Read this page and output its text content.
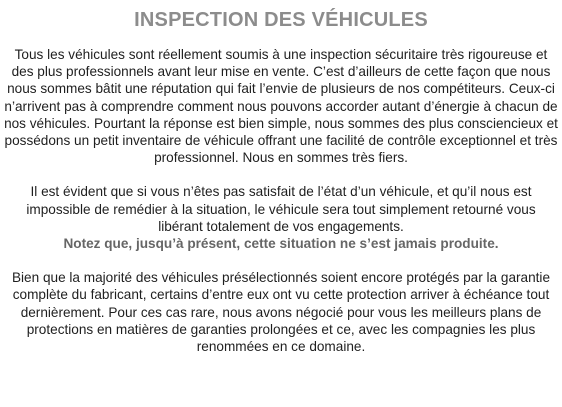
INSPECTION DES VÉHICULES

Tous les véhicules sont réellement soumis à une inspection sécuritaire très rigoureuse et des plus professionnels avant leur mise en vente. C’est d’ailleurs de cette façon que nous nous sommes bâtit une réputation qui fait l’envie de plusieurs de nos compétiteurs. Ceux-ci n’arrivent pas à comprendre comment nous pouvons accorder autant d’énergie à chacun de nos véhicules. Pourtant la réponse est bien simple, nous sommes des plus consciencieux et possédons un petit inventaire de véhicule offrant une facilité de contrôle exceptionnel et très professionnel. Nous en sommes très fiers.

Il est évident que si vous n’êtes pas satisfait de l’état d’un véhicule, et qu’il nous est impossible de remédier à la situation, le véhicule sera tout simplement retourné vous libérant totalement de vos engagements.
Notez que, jusqu’à présent, cette situation ne s’est jamais produite.

Bien que la majorité des véhicules présélectionnés soient encore protégés par la garantie complète du fabricant, certains d’entre eux ont vu cette protection arriver à échéance tout dernièrement. Pour ces cas rare, nous avons négocié pour vous les meilleurs plans de protections en matières de garanties prolongées et ce, avec les compagnies les plus renommées en ce domaine.
